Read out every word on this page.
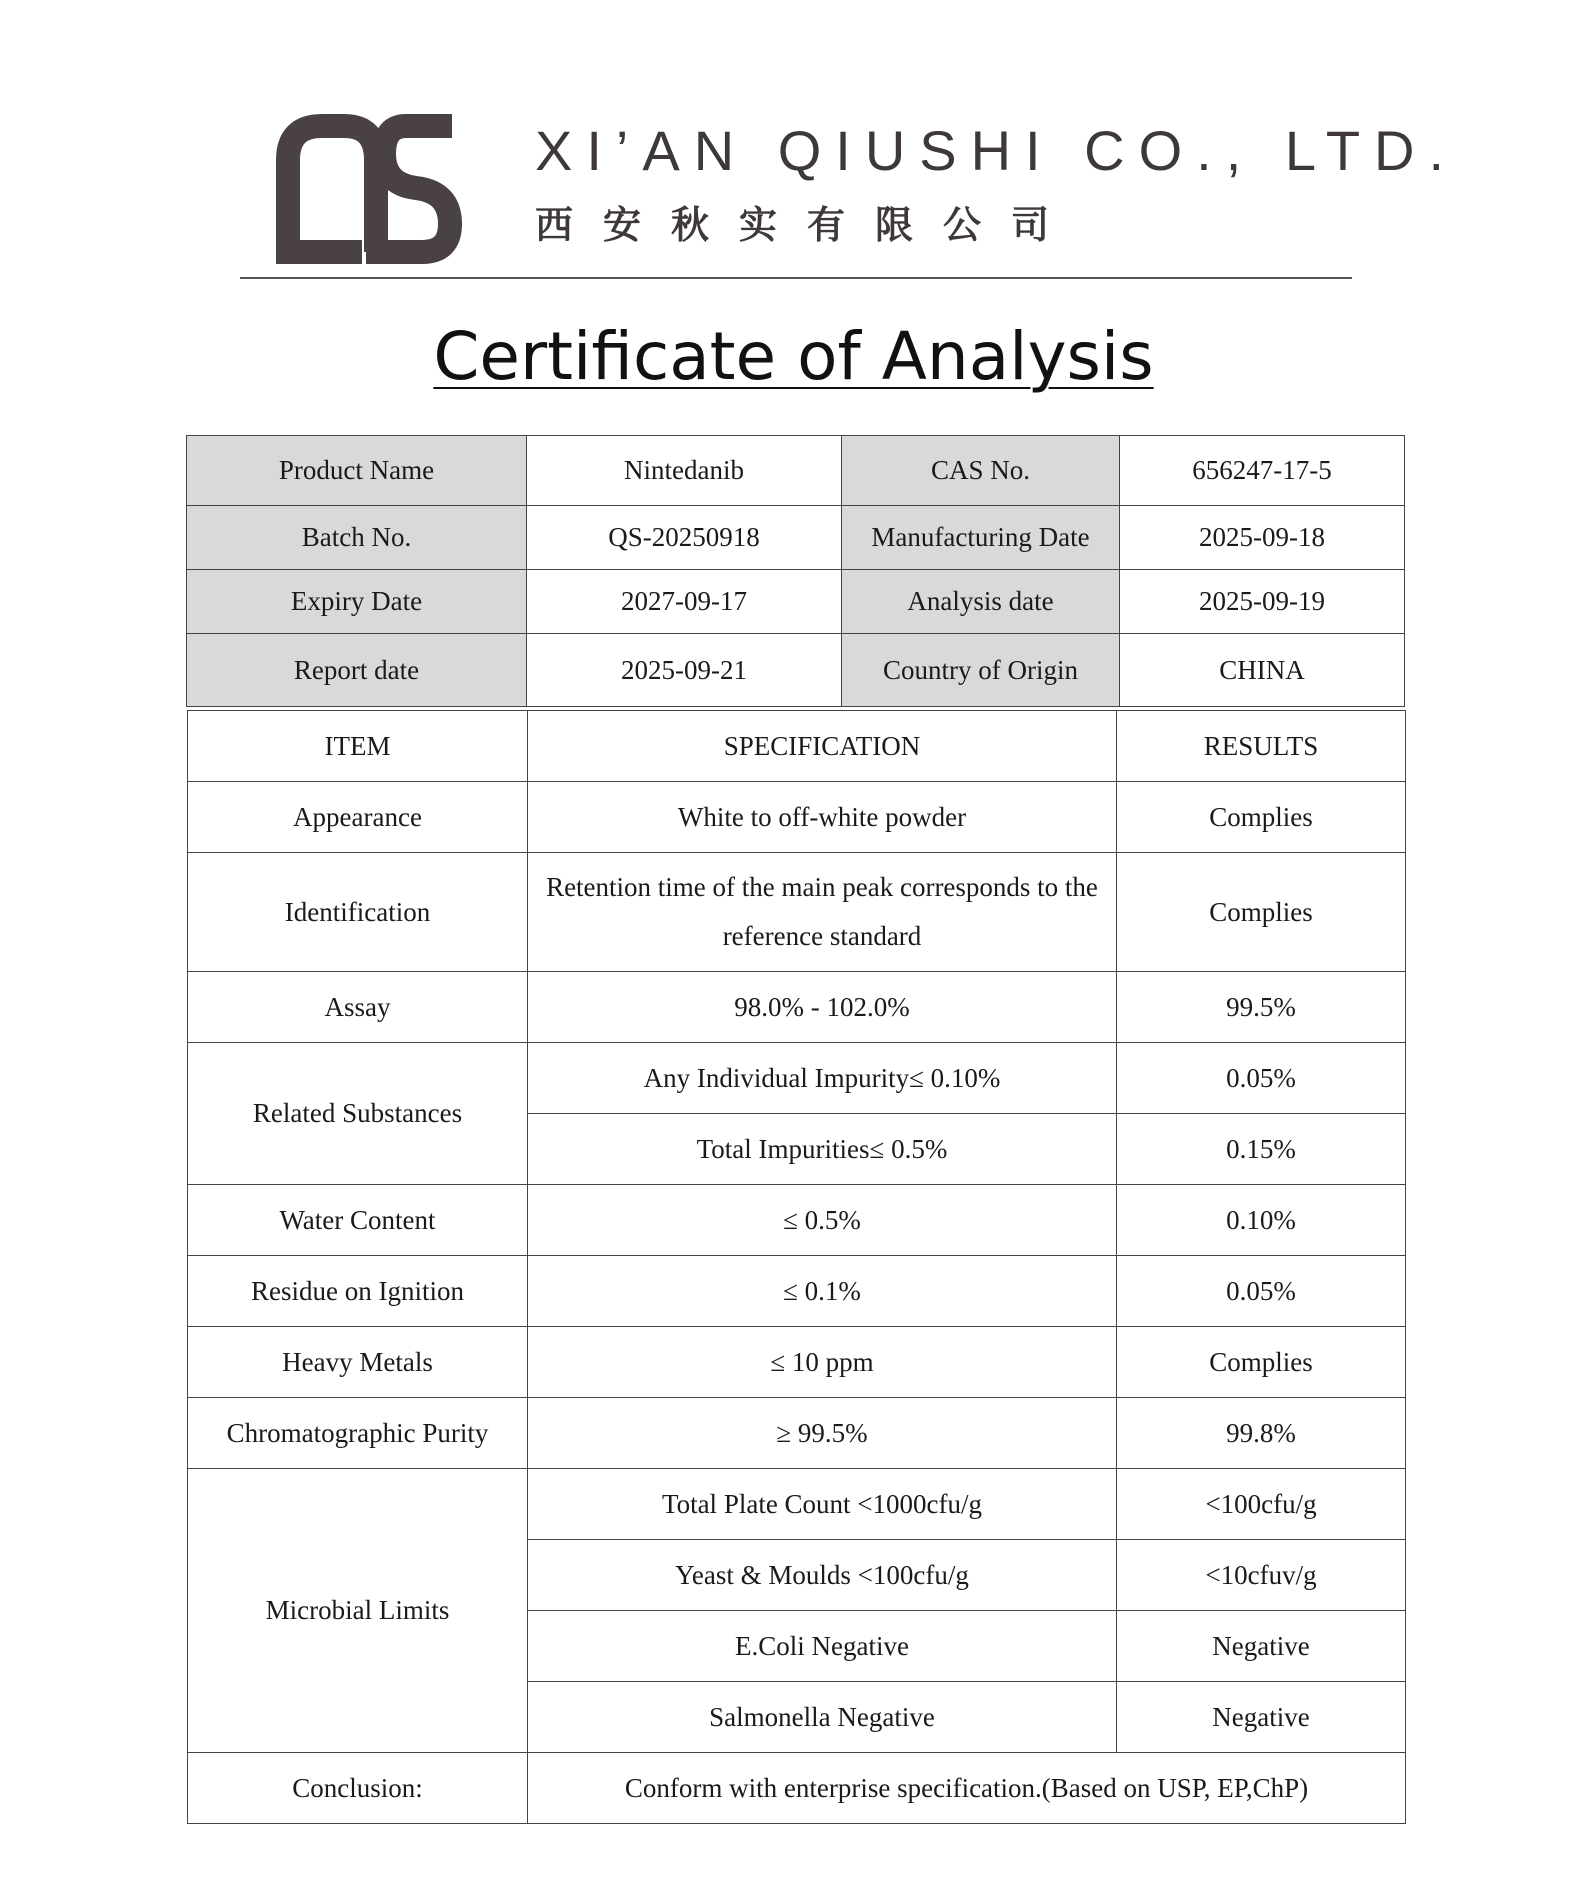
XI’AN QIUSHI CO., LTD.
西安秋实有限公司
Certificate of Analysis
Product Name	Nintedanib	CAS No.	656247-17-5
Batch No.	QS-20250918	Manufacturing Date	2025-09-18
Expiry Date	2027-09-17	Analysis date	2025-09-19
Report date	2025-09-21	Country of Origin	CHINA
ITEM	SPECIFICATION	RESULTS
Appearance	White to off-white powder	Complies
Identification	Retention time of the main peak corresponds to the reference standard	Complies
Assay	98.0% - 102.0%	99.5%
Related Substances	Any Individual Impurity≤ 0.10%	0.05%
	Total Impurities≤ 0.5%	0.15%
Water Content	≤ 0.5%	0.10%
Residue on Ignition	≤ 0.1%	0.05%
Heavy Metals	≤ 10 ppm	Complies
Chromatographic Purity	≥ 99.5%	99.8%
Microbial Limits	Total Plate Count <1000cfu/g	<100cfu/g
	Yeast & Moulds <100cfu/g	<10cfuv/g
	E.Coli Negative	Negative
	Salmonella Negative	Negative
Conclusion:	Conform with enterprise specification.(Based on USP, EP,ChP)	
